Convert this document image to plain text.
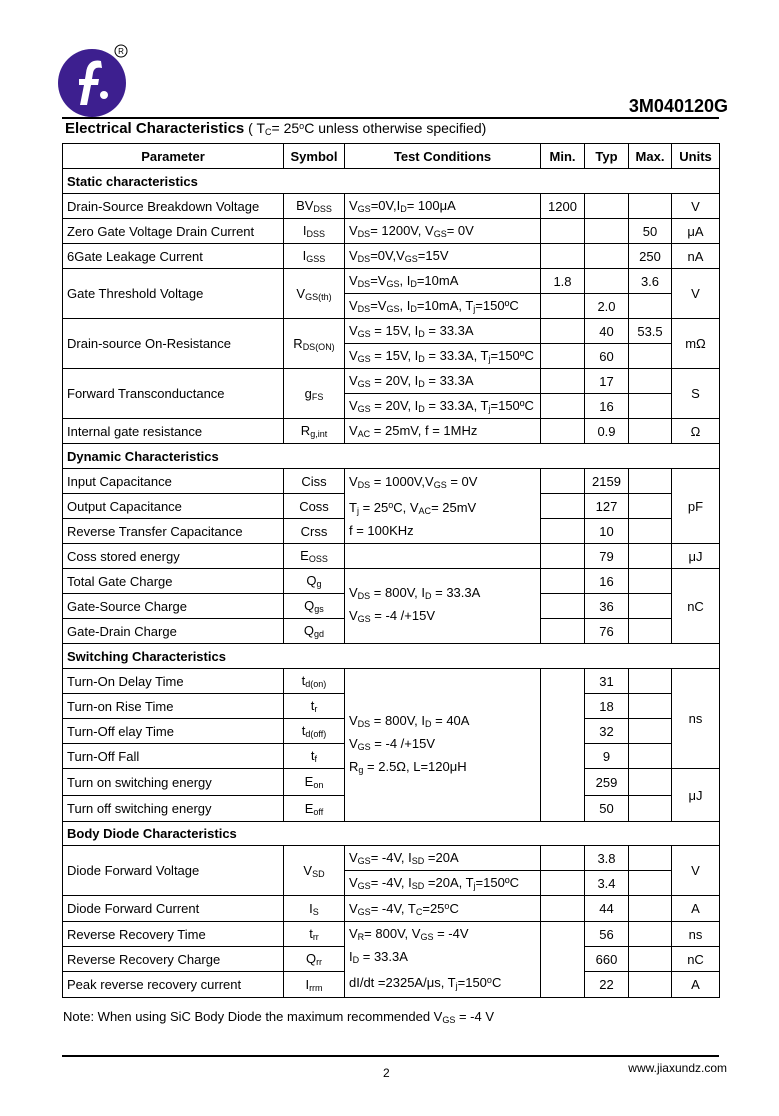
R
3M040120G
Electrical Characteristics ( $T_C= 25^oC$ unless otherwise specified)
Parameter	Symbol	Test Conditions	Min.	Typ	Max.	Units
Static characteristics						
Drain-Source Breakdown Voltage	$BV_{DSS}$	$V_{GS}=0V,I_D= 100\mu A$	1200			V
Zero Gate Voltage Drain Current	$I_{DSS}$	$V_{DS}= 1200V$, $V_{GS}= 0V$			50	μA
6Gate Leakage Current	$I_{GSS}$	$V_{DS}=0V,V_{GS}=15V$			250	nA
Gate Threshold Voltage	$V_{GS(th)}$	$V_{DS}=V_{GS}$, $I_D=10mA$	1.8		3.6	V
		$V_{DS}=V_{GS}$, $I_D=10mA$, $T_j=150ºC$		2.0		
Drain-source On-Resistance	$R_{DS(ON)}$	$V_{GS} = 15V$, $I_D = 33.3A$		40	53.5	mΩ
		$V_{GS} = 15V$, $I_D = 33.3A$, $T_j=150ºC$		60		
Forward Transconductance	$g_{FS}$	$V_{GS} = 20V$, $I_D = 33.3A$		17		S
		$V_{GS} = 20V$, $I_D = 33.3A$, $T_j=150ºC$		16		
Internal gate resistance	$R_{g,int}$	$V_{AC} = 25mV$, f = 1MHz		0.9		Ω
Dynamic Characteristics						
Input Capacitance	Ciss	$V_{DS} = 1000V,V_{GS} = 0V$
$T_j = 25^oC$, $V_{AC}= 25mV$
f = 100KHz		2159		pF
Output Capacitance	Coss			127		
Reverse Transfer Capacitance	Crss			10		
Coss stored energy	$E_{OSS}$			79		μJ
Total Gate Charge	$Q_g$	$V_{DS} = 800V$, $I_D = 33.3A$
$V_{GS} = -4$ /+15V		16		nC
Gate-Source Charge	$Q_{gs}$			36		
Gate-Drain Charge	$Q_{gd}$			76		
Switching Characteristics						
Turn-On Delay Time	$t_{d(on)}$	$V_{DS} = 800V$, $I_D = 40A$
$V_{GS} = -4$ /+15V
$R_g = 2.5\Omega$, L=120μH		31		ns
Turn-on Rise Time	$t_r$			18		
Turn-Off elay Time	$t_{d(off)}$			32		
Turn-Off Fall	$t_f$			9		
Turn on switching energy	$E_{on}$			259		μJ
Turn off switching energy	$E_{off}$			50		
Body Diode Characteristics						
Diode Forward Voltage	$V_{SD}$	$V_{GS}= -4V$, $I_{SD} =20A$		3.8		V
		$V_{GS}= -4V$, $I_{SD} =20A$, $T_j=150ºC$		3.4		
Diode Forward Current	$I_S$	$V_{GS}= -4V$, $T_C=25^oC$		44		A
Reverse Recovery Time	$t_{rr}$	$V_R= 800V$, $V_{GS} = -4V$
$I_D = 33.3A$
dI/dt =2325A/μs, $T_j=150^oC$		56		ns
Reverse Recovery Charge	$Q_{rr}$			660		nC
Peak reverse recovery current	$I_{rrm}$			22		A
Note: When using SiC Body Diode the maximum recommended $V_{GS} = -4$ V
2	www.jiaxundz.com
